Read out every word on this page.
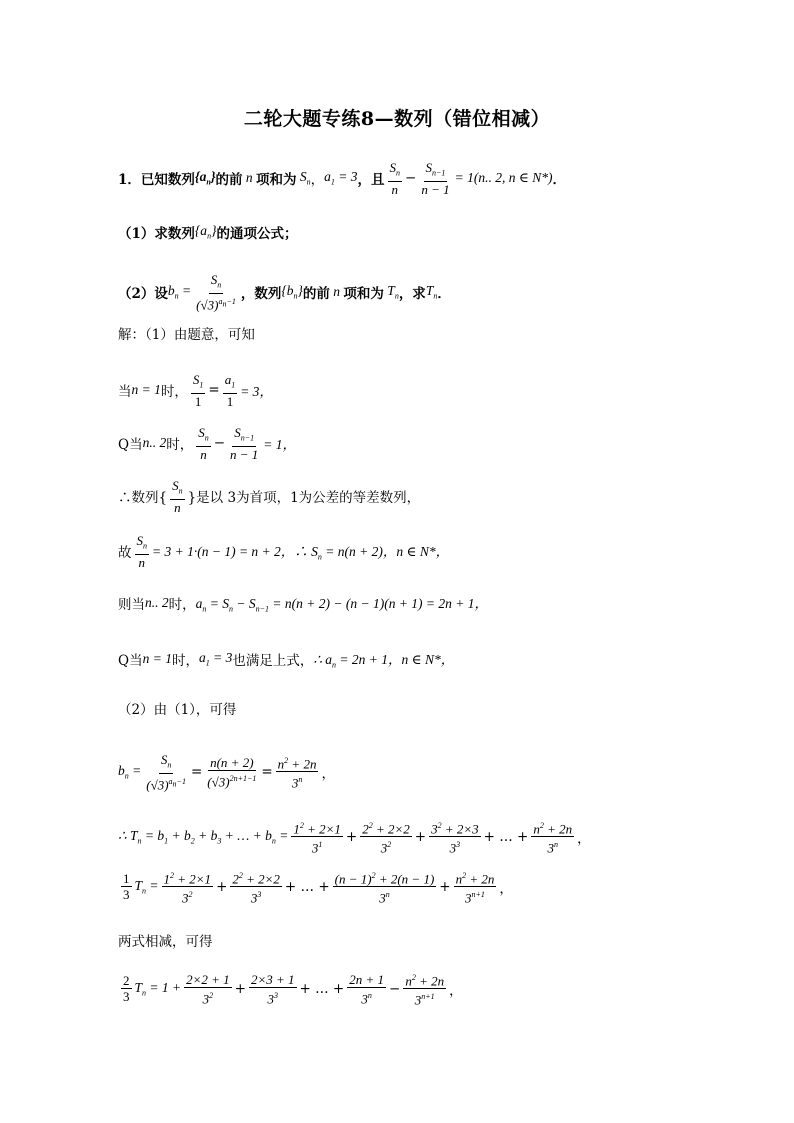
二轮大题专练8—数列（错位相减）
1．已知数列 $\{a_n\}$ 的前 n 项和为 $S_n$ ， $a_1 = 3$ ，且 $\frac{S_n}{n} - \frac{S_{n-1}}{n - 1} = 1(n$.. 2, n ∈ N*) ．
（1）求数列 $\{a_n\}$ 的通项公式；
（2）设 $b_n = \frac{S_n}{(√3)^{a_n-1}}$ ，数列 $\{b_n\}$ 的前 n 项和为 $T_n$ ，求 $T_n$ ．
解：（1）由题意，可知
当 n = 1 时， $\frac{S_1}{1} = \frac{a_1}{1} = 3$，
Q当 n.. 2 时， $\frac{S_n}{n} - \frac{S_{n-1}}{n - 1} = 1$，
∴数列{ $\frac{S_n}{n}$ }是以 3为首项，1为公差的等差数列，
故 $\frac{S_n}{n} = 3 + 1\cdot(n - 1) = n + 2$，∴ $S_n = n(n + 2)$，n ∈ N*，
则当 n.. 2 时， $a_n = S_n - S_{n-1} = n(n + 2) - (n - 1)(n + 1) = 2n + 1$，
Q当 n = 1 时， $a_1 = 3$ 也满足上式， ∴ $a_n = 2n + 1$，n ∈ N*，
（2）由（1），可得
$b_n = \frac{S_n}{(√3)^{a_n-1}} = \frac{n(n + 2)}{(√3)^{2n+1-1}} = \frac{n^2 + 2n}{3^n}$ ，
∴ $T_n = b_1 + b_2 + b_3$ + … + $b_n = \frac{1^2 + 2\times 1}{3^1} + \frac{2^2 + 2\times 2}{3^2} + \frac{3^2 + 2\times 3}{3^3}$ + … + $\frac{n^2 + 2n}{3^n}$ ，
$\frac{1}{3} T_n = \frac{1^2 + 2\times 1}{3^2} + \frac{2^2 + 2\times 2}{3^3}$ + … + $\frac{(n - 1)^2 + 2(n - 1)}{3^n} + \frac{n^2 + 2n}{3^{n+1}}$ ，
两式相减，可得
$\frac{2}{3} T_n = 1 + \frac{2\times 2 + 1}{3^2} + \frac{2\times 3 + 1}{3^3}$ + … + $\frac{2n + 1}{3^n} - \frac{n^2 + 2n}{3^{n+1}}$ ，
